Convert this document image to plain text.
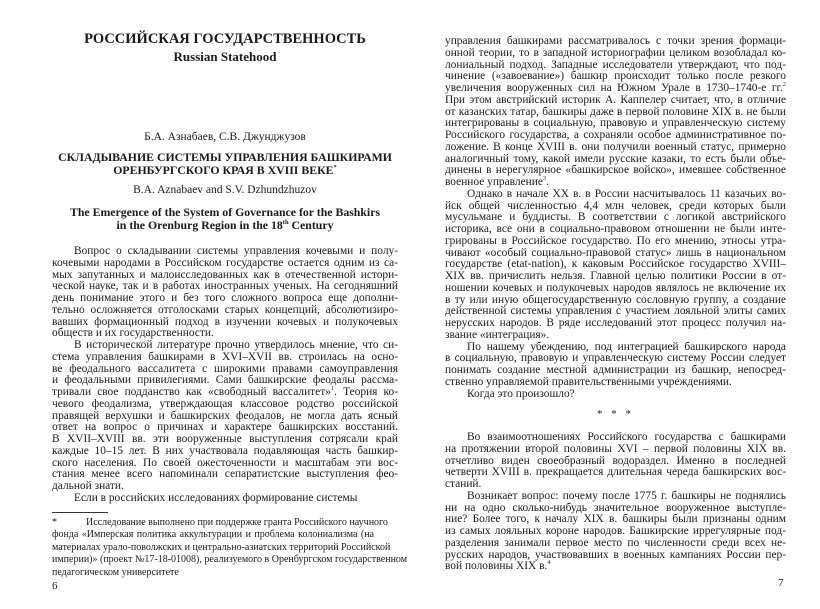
РОССИЙСКАЯ ГОСУДАРСТВЕННОСТЬ
Russian Statehood
Б.А. Азнабаев, С.В. Джунджузов
СКЛАДЫВАНИЕ СИСТЕМЫ УПРАВЛЕНИЯ БАШКИРАМИ
ОРЕНБУРГСКОГО КРАЯ В XVIII ВЕКЕ*
B.A. Aznabaev and S.V. Dzhundzhuzov
The Emergence of the System of Governance for the Bashkirs
in the Orenburg Region in the 18th Century
Вопрос о складывании системы управления кочевыми и полу-
кочевыми народами в Российском государстве остается одним из са-
мых запутанных и малоисследованных как в отечественной истори-
ческой науке, так и в работах иностранных ученых. На сегодняшний
день понимание этого и без того сложного вопроса еще дополни-
тельно осложняется отголосками старых концепций, абсолютизиро-
вавших формационный подход в изучении кочевых и полукочевых
обществ и их государственности.
В исторической литературе прочно утвердилось мнение, что си-
стема управления башкирами в XVI–XVII вв. строилась на осно-
ве феодального вассалитета с широкими правами самоуправления
и феодальными привилегиями. Сами башкирские феодалы рассма-
тривали свое подданство как «свободный вассалитет»$^1$. Теория ко-
чевого феодализма, утверждающая классовое родство российской
правящей верхушки и башкирских феодалов, не могла дать ясный
ответ на вопрос о причинах и характере башкирских восстаний.
В XVII–XVIII вв. эти вооруженные выступления сотрясали край
каждые 10–15 лет. В них участвовала подавляющая часть башкир-
ского населения. По своей ожесточенности и масштабам эти вос-
стания менее всего напоминали сепаратистские выступления фео-
дальной знати.
Если в российских исследованиях формирование системы
*	Исследование выполнено при поддержке гранта Российского научного
фонда «Имперская политика аккультурации и проблема колониализма (на
материалах урало-поволжских и центрально-азиатских территорий Российской
империи)» (проект №17-18-01008), реализуемого в Оренбургском государственном
педагогическом университете
6
управления башкирами рассматривалось с точки зрения формаци-
онной теории, то в западной историографии целиком возобладал ко-
лониальный подход. Западные исследователи утверждают, что под-
чинение («завоевание») башкир происходит только после резкого
увеличения вооруженных сил на Южном Урале в 1730–1740-е гг.$^2$
При этом австрийский историк А. Каппелер считает, что, в отличие
от казанских татар, башкиры даже в первой половине XIX в. не были
интегрированы в социальную, правовую и управленческую систему
Российского государства, а сохраняли особое административное по-
ложение. В конце XVIII в. они получили военный статус, примерно
аналогичный тому, какой имели русские казаки, то есть были объе-
динены в нерегулярное «башкирское войско», имевшее собственное
военное управление$^3$.
Однако в начале XX в. в России насчитывалось 11 казачьих во-
йск общей численностью 4,4 млн человек, среди которых были
мусульмане и буддисты. В соответствии с логикой австрийского
историка, все они в социально-правовом отношении не были инте-
грированы в Российское государство. По его мнению, этносы утра-
чивают «особый социально-правовой статус» лишь в национальном
государстве (etat-nation), к каковым Российское государство XVIII–
XIX вв. причислить нельзя. Главной целью политики России в от-
ношении кочевых и полукочевых народов являлось не включение их
в ту или иную общегосударственную сословную группу, а создание
действенной системы управления с участием лояльной элиты самих
нерусских народов. В ряде исследований этот процесс получил на-
звание «интеграция».
По нашему убеждению, под интеграцией башкирского народа
в социальную, правовую и управленческую систему России следует
понимать создание местной администрации из башкир, непосред-
ственно управляемой правительственными учреждениями.
Когда это произошло?
* * *
Во взаимоотношениях Российского государства с башкирами
на протяжении второй половины XVI – первой половины XIX вв.
отчетливо виден своеобразный водораздел. Именно в последней
четверти XVIII в. прекращается длительная череда башкирских вос-
станий.
Возникает вопрос: почему после 1775 г. башкиры не поднялись
ни на одно сколько-нибудь значительное вооруженное выступле-
ние? Более того, к началу XIX в. башкиры были признаны одним
из самых лояльных короне народов. Башкирские иррегулярные под-
разделения занимали первое место по численности среди всех не-
русских народов, участвовавших в военных кампаниях России пер-
вой половины XIX в.$^4$
7
